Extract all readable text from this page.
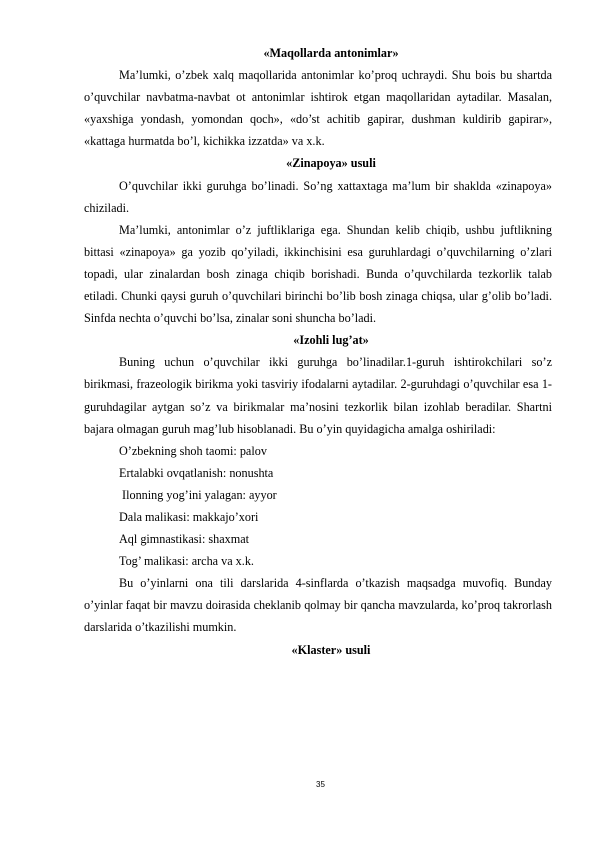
«Maqollarda antonimlar»

Ma’lumki, o’zbek xalq maqollarida antonimlar ko’proq uchraydi. Shu bois bu shartda o’quvchilar navbatma-navbat ot antonimlar ishtirok etgan maqollaridan aytadilar. Masalan, «yaxshiga yondash, yomondan qoch», «do’st achitib gapirar, dushman kuldirib gapirar», «kattaga hurmatda bo’l, kichikka izzatda» va x.k.

«Zinapoya» usuli

O’quvchilar ikki guruhga bo’linadi. So’ng xattaxtaga ma’lum bir shaklda «zinapoya» chiziladi.

Ma’lumki, antonimlar o’z juftliklariga ega. Shundan kelib chiqib, ushbu juftlikning bittasi «zinapoya» ga yozib qo’yiladi, ikkinchisini esa guruhlardagi o’quvchilarning o’zlari topadi, ular zinalardan bosh zinaga chiqib borishadi. Bunda o’quvchilarda tezkorlik talab etiladi. Chunki qaysi guruh o’quvchilari birinchi bo’lib bosh zinaga chiqsa, ular g’olib bo’ladi. Sinfda nechta o’quvchi bo’lsa, zinalar soni shuncha bo’ladi.

«Izohli lug’at»

Buning uchun o’quvchilar ikki guruhga bo’linadilar.1-guruh ishtirokchilari so’z birikmasi, frazeologik birikma yoki tasviriy ifodalarni aytadilar. 2-guruhdagi o’quvchilar esa 1- guruhdagilar aytgan so’z va birikmalar ma’nosini tezkorlik bilan izohlab beradilar. Shartni bajara olmagan guruh mag’lub hisoblanadi. Bu o’yin quyidagicha amalga oshiriladi:

O’zbekning shoh taomi: palov

Ertalabki ovqatlanish: nonushta

Ilonning yog’ini yalagan: ayyor

Dala malikasi: makkajo’xori

Aql gimnastikasi: shaxmat

Tog’ malikasi: archa va x.k.

Bu o’yinlarni ona tili darslarida 4-sinflarda o’tkazish maqsadga muvofiq. Bunday o’yinlar faqat bir mavzu doirasida cheklanib qolmay bir qancha mavzularda, ko’proq takrorlash darslarida o’tkazilishi mumkin.

«Klaster» usuli

35
